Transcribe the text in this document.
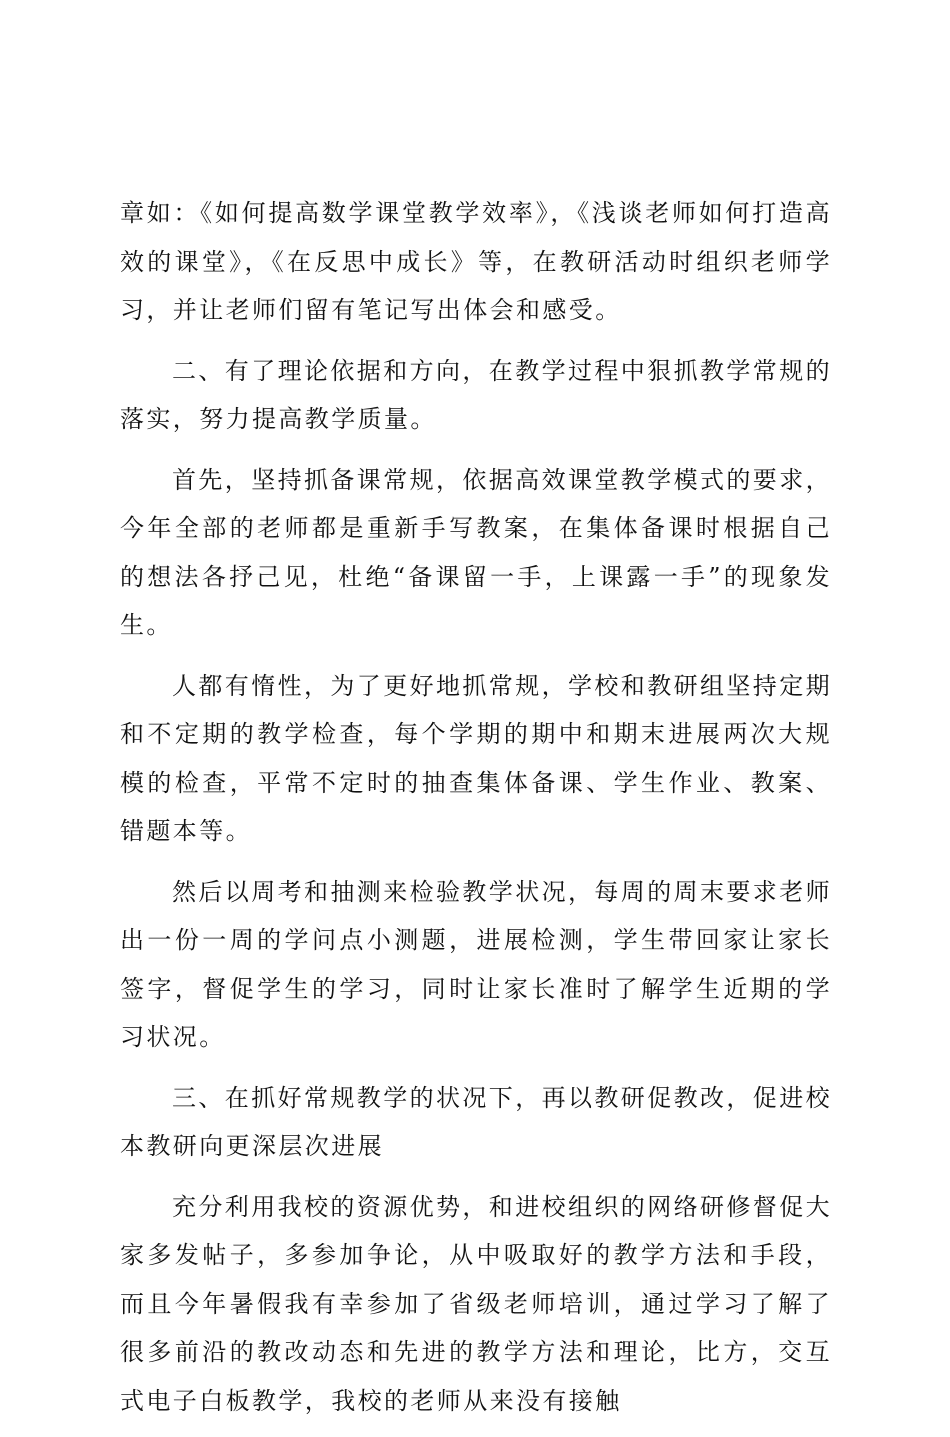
章如：《如何提高数学课堂教学效率》，《浅谈老师如何打造高效的课堂》，《在反思中成长》等，在教研活动时组织老师学习，并让老师们留有笔记写出体会和感受。

二、有了理论依据和方向，在教学过程中狠抓教学常规的落实，努力提高教学质量。

首先，坚持抓备课常规，依据高效课堂教学模式的要求，今年全部的老师都是重新手写教案，在集体备课时根据自己的想法各抒己见，杜绝“备课留一手，上课露一手”的现象发生。

人都有惰性，为了更好地抓常规，学校和教研组坚持定期和不定期的教学检查，每个学期的期中和期末进展两次大规模的检查，平常不定时的抽查集体备课、学生作业、教案、错题本等。

然后以周考和抽测来检验教学状况，每周的周末要求老师出一份一周的学问点小测题，进展检测，学生带回家让家长签字，督促学生的学习，同时让家长准时了解学生近期的学习状况。

三、在抓好常规教学的状况下，再以教研促教改，促进校本教研向更深层次进展

充分利用我校的资源优势，和进校组织的网络研修督促大家多发帖子，多参加争论，从中吸取好的教学方法和手段，而且今年暑假我有幸参加了省级老师培训，通过学习了解了很多前沿的教改动态和先进的教学方法和理论，比方，交互式电子白板教学，我校的老师从来没有接触
